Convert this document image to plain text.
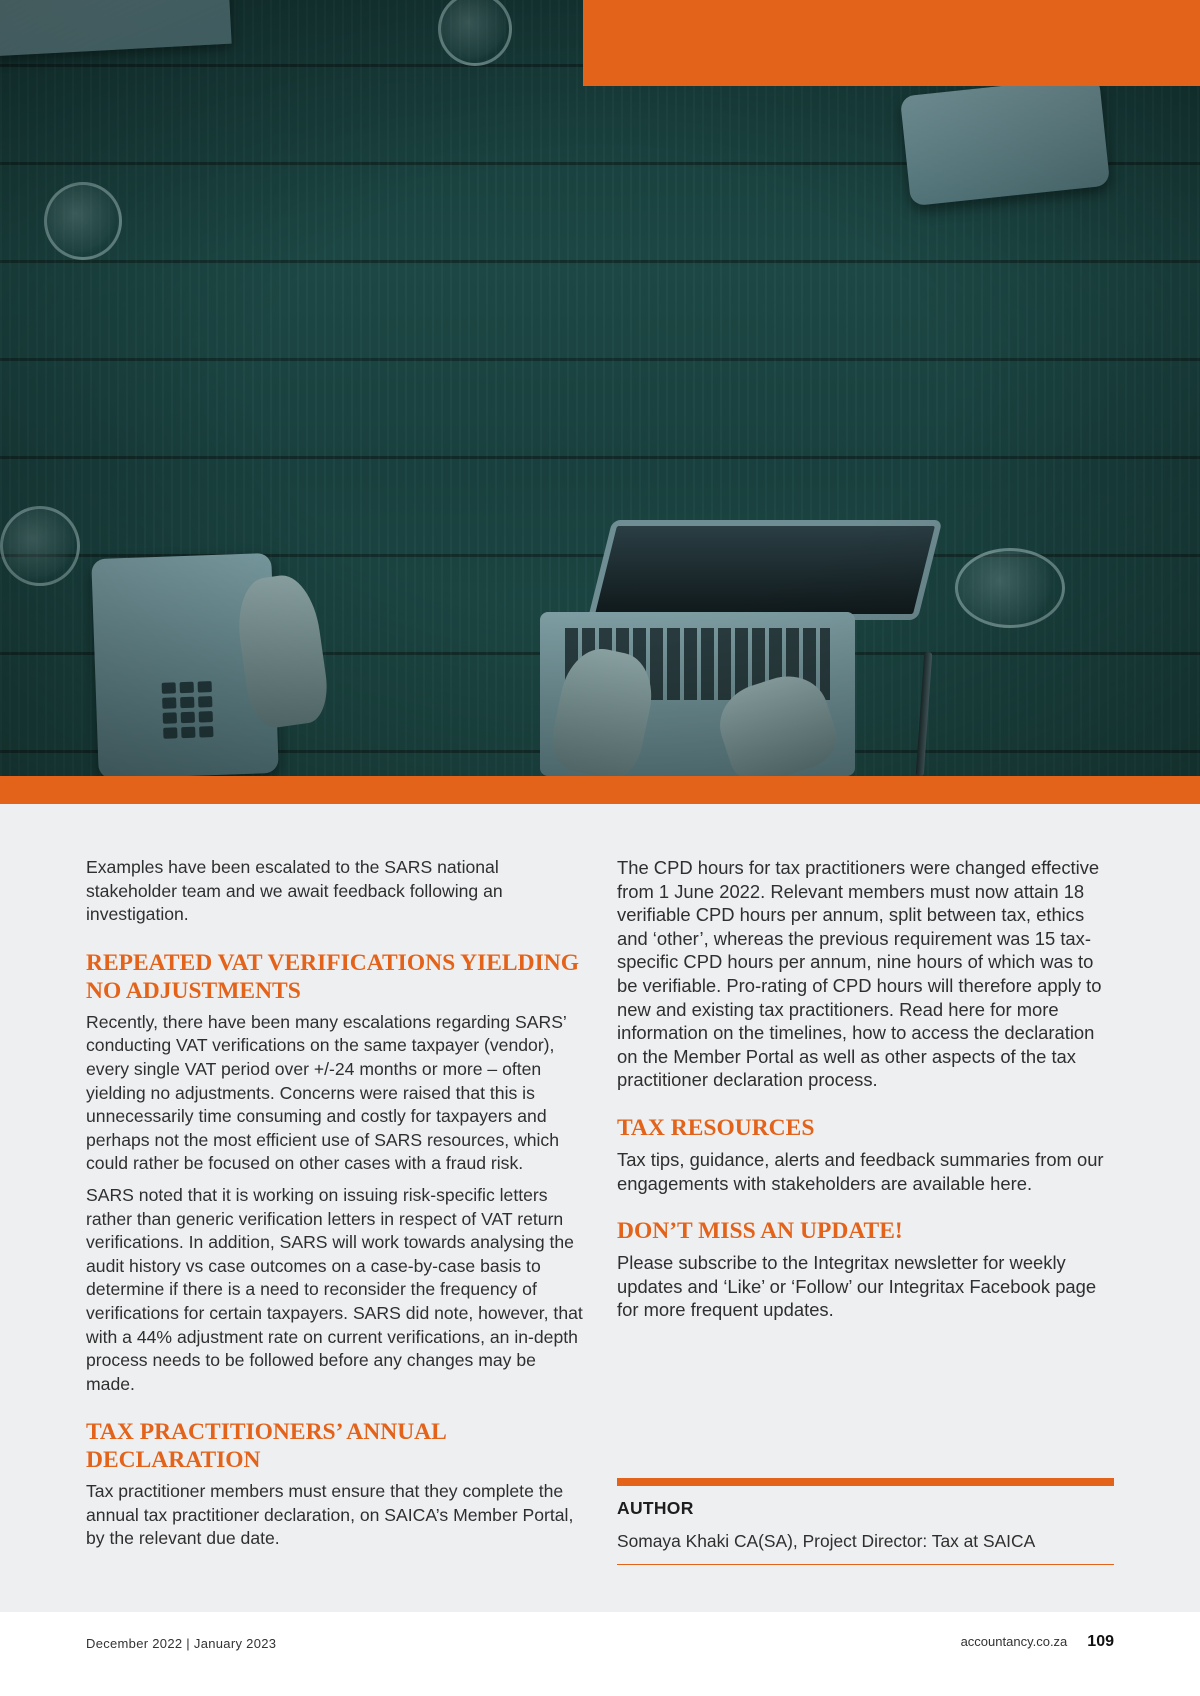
Examples have been escalated to the SARS national stakeholder team and we await feedback following an investigation.

REPEATED VAT VERIFICATIONS YIELDING NO ADJUSTMENTS

Recently, there have been many escalations regarding SARS’ conducting VAT verifications on the same taxpayer (vendor), every single VAT period over +/-24 months or more – often yielding no adjustments. Concerns were raised that this is unnecessarily time consuming and costly for taxpayers and perhaps not the most efficient use of SARS resources, which could rather be focused on other cases with a fraud risk.

SARS noted that it is working on issuing risk-specific letters rather than generic verification letters in respect of VAT return verifications. In addition, SARS will work towards analysing the audit history vs case outcomes on a case-by-case basis to determine if there is a need to reconsider the frequency of verifications for certain taxpayers. SARS did note, however, that with a 44% adjustment rate on current verifications, an in-depth process needs to be followed before any changes may be made.

TAX PRACTITIONERS’ ANNUAL DECLARATION

Tax practitioner members must ensure that they complete the annual tax practitioner declaration, on SAICA’s Member Portal, by the relevant due date.

The CPD hours for tax practitioners were changed effective from 1 June 2022. Relevant members must now attain 18 verifiable CPD hours per annum, split between tax, ethics and ‘other’, whereas the previous requirement was 15 tax-specific CPD hours per annum, nine hours of which was to be verifiable. Pro-rating of CPD hours will therefore apply to new and existing tax practitioners. Read here for more information on the timelines, how to access the declaration on the Member Portal as well as other aspects of the tax practitioner declaration process.

TAX RESOURCES

Tax tips, guidance, alerts and feedback summaries from our engagements with stakeholders are available here.

DON’T MISS AN UPDATE!

Please subscribe to the Integritax newsletter for weekly updates and ‘Like’ or ‘Follow’ our Integritax Facebook page for more frequent updates.

AUTHOR
Somaya Khaki CA(SA), Project Director: Tax at SAICA
December 2022 | January 2023	accountancy.co.za 109
